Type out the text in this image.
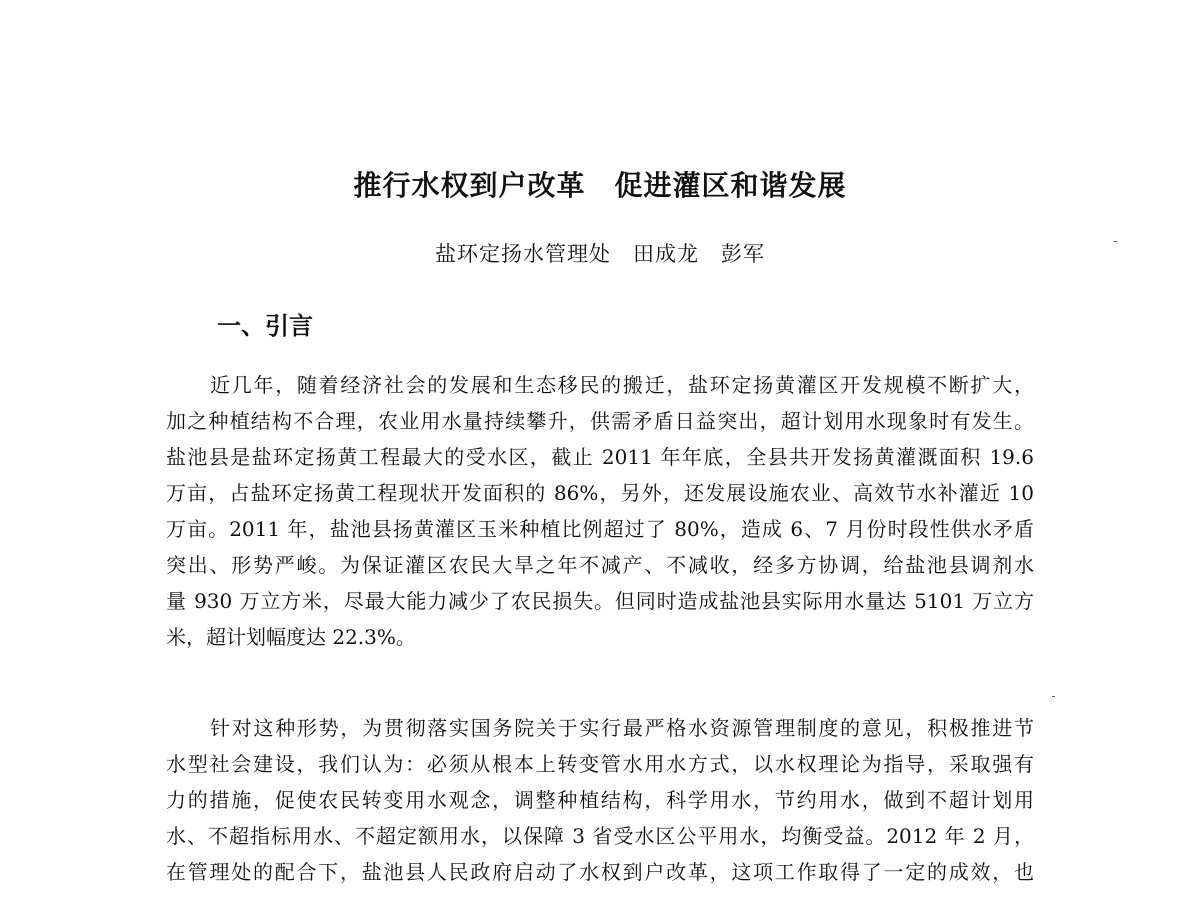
推行水权到户改革　促进灌区和谐发展
盐环定扬水管理处　田成龙　彭军
一、引言
近几年，随着经济社会的发展和生态移民的搬迁，盐环定扬黄灌区开发规模不断扩大，
加之种植结构不合理，农业用水量持续攀升，供需矛盾日益突出，超计划用水现象时有发生。
盐池县是盐环定扬黄工程最大的受水区，截止 2011 年年底，全县共开发扬黄灌溉面积 19.6
万亩，占盐环定扬黄工程现状开发面积的 86%，另外，还发展设施农业、高效节水补灌近 10
万亩。2011 年，盐池县扬黄灌区玉米种植比例超过了 80%，造成 6、7 月份时段性供水矛盾
突出、形势严峻。为保证灌区农民大旱之年不减产、不减收，经多方协调，给盐池县调剂水
量 930 万立方米，尽最大能力减少了农民损失。但同时造成盐池县实际用水量达 5101 万立方
米，超计划幅度达 22.3%。
针对这种形势，为贯彻落实国务院关于实行最严格水资源管理制度的意见，积极推进节
水型社会建设，我们认为：必须从根本上转变管水用水方式，以水权理论为指导，采取强有
力的措施，促使农民转变用水观念，调整种植结构，科学用水，节约用水，做到不超计划用
水、不超指标用水、不超定额用水，以保障 3 省受水区公平用水，均衡受益。2012 年 2 月，
在管理处的配合下，盐池县人民政府启动了水权到户改革，这项工作取得了一定的成效，也
